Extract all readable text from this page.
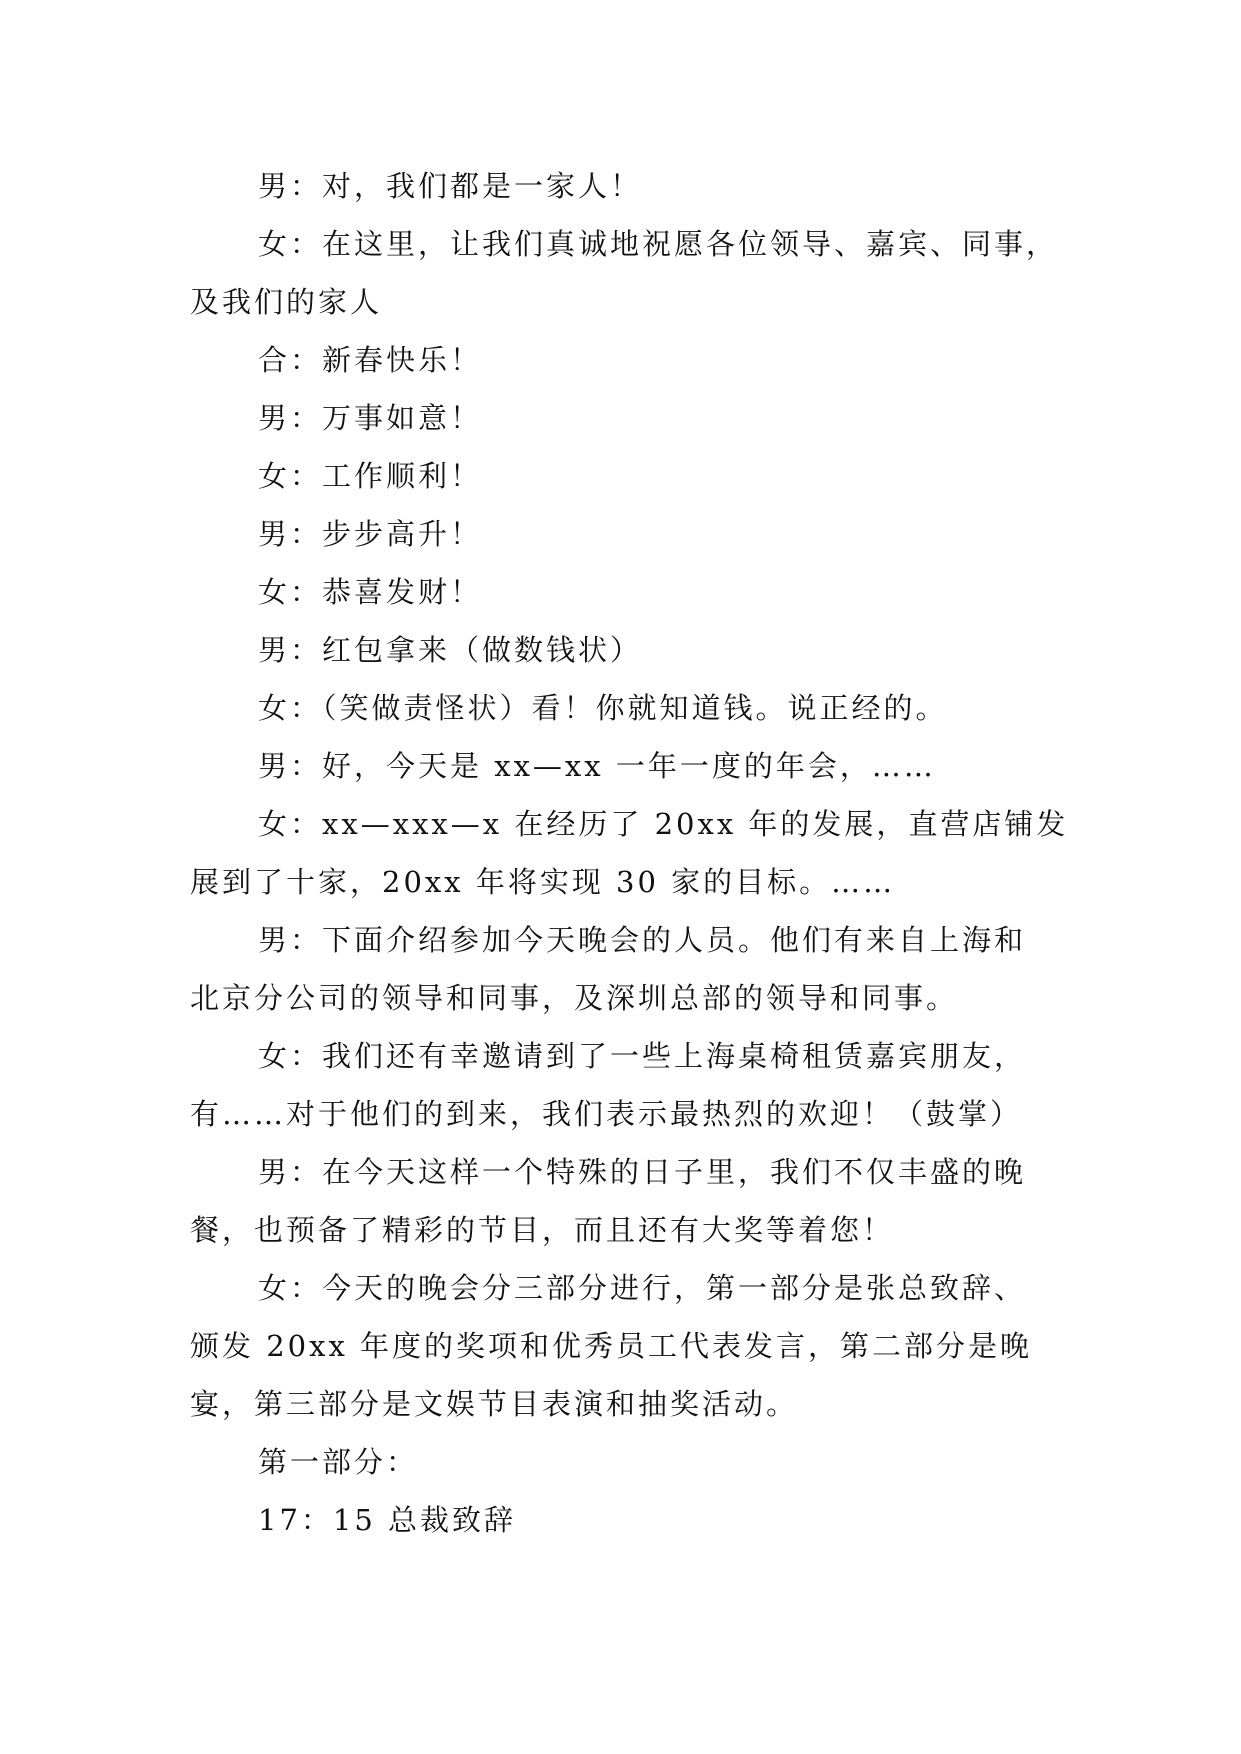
男：对，我们都是一家人！

女：在这里，让我们真诚地祝愿各位领导、嘉宾、同事，
及我们的家人

合：新春快乐！

男：万事如意！

女：工作顺利！

男：步步高升！

女：恭喜发财！

男：红包拿来（做数钱状）

女：（笑做责怪状）看！你就知道钱。说正经的。

男：好，今天是 xx—xx 一年一度的年会，……

女：xx—xxx—x 在经历了 20xx 年的发展，直营店铺发
展到了十家，20xx 年将实现 30 家的目标。……

男：下面介绍参加今天晚会的人员。他们有来自上海和
北京分公司的领导和同事，及深圳总部的领导和同事。

女：我们还有幸邀请到了一些上海桌椅租赁嘉宾朋友，
有……对于他们的到来，我们表示最热烈的欢迎！（鼓掌）

男：在今天这样一个特殊的日子里，我们不仅丰盛的晚
餐，也预备了精彩的节目，而且还有大奖等着您！

女：今天的晚会分三部分进行，第一部分是张总致辞、
颁发 20xx 年度的奖项和优秀员工代表发言，第二部分是晚
宴，第三部分是文娱节目表演和抽奖活动。

第一部分：

17：15 总裁致辞
